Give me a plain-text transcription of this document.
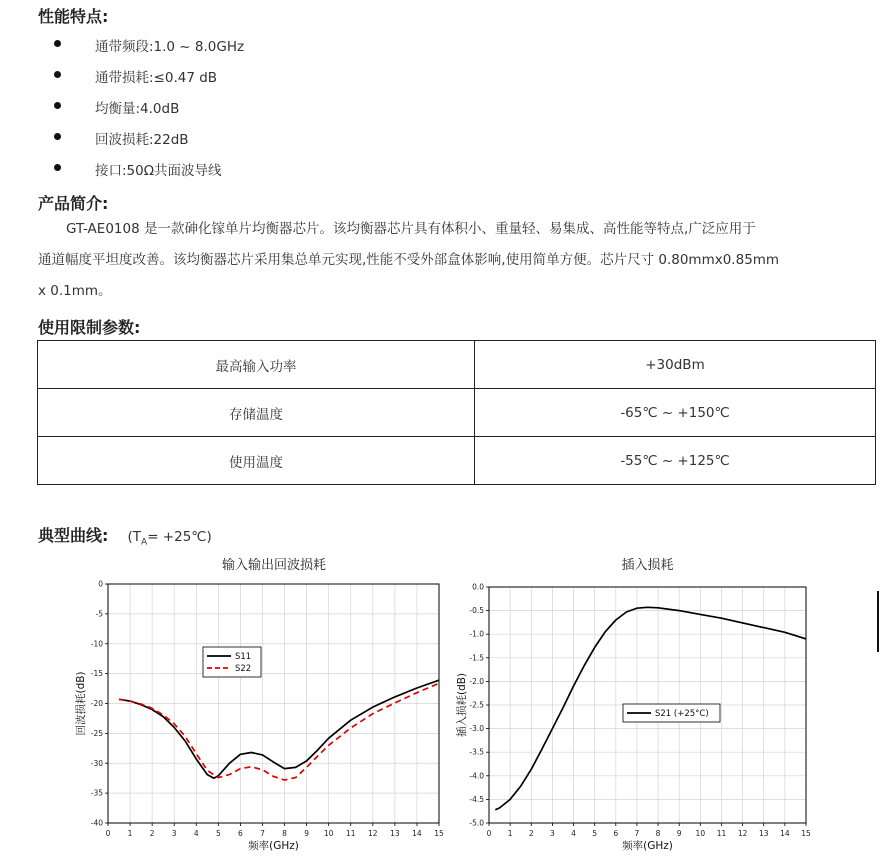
性能特点:
通带频段:1.0 ~ 8.0GHz
通带损耗:≤0.47 dB
均衡量:4.0dB
回波损耗:22dB
接口:50Ω共面波导线
产品简介:
GT-AE0108 是一款砷化镓单片均衡器芯片。该均衡器芯片具有体积小、重量轻、易集成、高性能等特点,广泛应用于
通道幅度平坦度改善。该均衡器芯片采用集总单元实现,性能不受外部盒体影响,使用简单方便。芯片尺寸 0.80mmx0.85mm
x 0.1mm。
使用限制参数:
最高输入功率	+30dBm
存储温度	-65℃ ~ +150℃
使用温度	-55℃ ~ +125℃
典型曲线: ($T_A=$ +25℃)
输入输出回波损耗	插入损耗
0 1 2 3 4 5 6 7 8 9 10 11 12 13 14 15
0
-5
-10
-15
-20
-25
-30
-35
-40
频率(GHz)
回波损耗(dB)
S11
S22
0 1 2 3 4 5 6 7 8 9 10 11 12 13 14 15
0.0
-0.5
-1.0
-1.5
-2.0
-2.5
-3.0
-3.5
-4.0
-4.5
-5.0
频率(GHz)
插入损耗(dB)	S21 (+25°C)
